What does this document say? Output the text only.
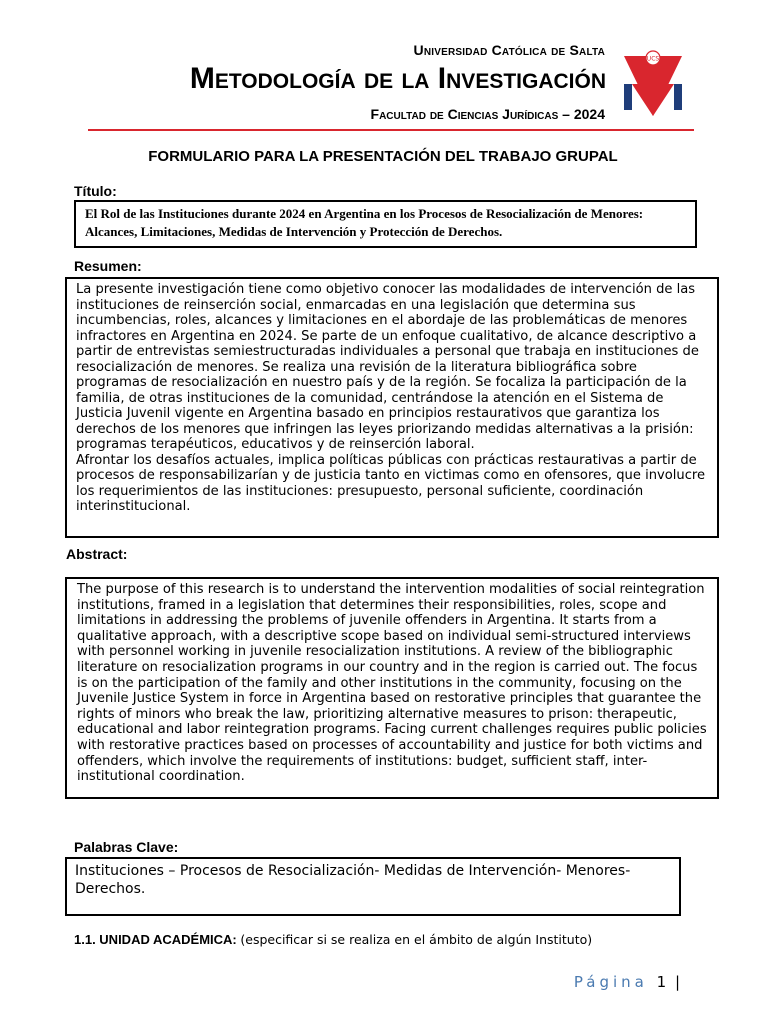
Universidad Católica de Salta
Metodología de la Investigación
Facultad de Ciencias Jurídicas – 2024
UCS
FORMULARIO PARA LA PRESENTACIÓN DEL TRABAJO GRUPAL
Título:
El Rol de las Instituciones durante 2024 en Argentina en los Procesos de Resocialización de Menores: Alcances, Limitaciones, Medidas de Intervención y Protección de Derechos.
Resumen:
La presente investigación tiene como objetivo conocer las modalidades de intervención de las instituciones de reinserción social, enmarcadas en una legislación que determina sus incumbencias, roles, alcances y limitaciones en el abordaje de las problemáticas de menores infractores en Argentina en 2024. Se parte de un enfoque cualitativo, de alcance descriptivo a partir de entrevistas semiestructuradas individuales a personal que trabaja en instituciones de resocialización de menores. Se realiza una revisión de la literatura bibliográfica sobre programas de resocialización en nuestro país y de la región. Se focaliza la participación de la familia, de otras instituciones de la comunidad, centrándose la atención en el Sistema de Justicia Juvenil vigente en Argentina basado en principios restaurativos que garantiza los derechos de los menores que infringen las leyes priorizando medidas alternativas a la prisión: programas terapéuticos, educativos y de reinserción laboral.
Afrontar los desafíos actuales, implica políticas públicas con prácticas restaurativas a partir de procesos de responsabilizarían y de justicia tanto en victimas como en ofensores, que involucre los requerimientos de las instituciones: presupuesto, personal suficiente, coordinación interinstitucional.
Abstract:
The purpose of this research is to understand the intervention modalities of social reintegration institutions, framed in a legislation that determines their responsibilities, roles, scope and limitations in addressing the problems of juvenile offenders in Argentina. It starts from a qualitative approach, with a descriptive scope based on individual semi-structured interviews with personnel working in juvenile resocialization institutions. A review of the bibliographic literature on resocialization programs in our country and in the region is carried out. The focus is on the participation of the family and other institutions in the community, focusing on the Juvenile Justice System in force in Argentina based on restorative principles that guarantee the rights of minors who break the law, prioritizing alternative measures to prison: therapeutic, educational and labor reintegration programs. Facing current challenges requires public policies with restorative practices based on processes of accountability and justice for both victims and offenders, which involve the requirements of institutions: budget, sufficient staff, inter-institutional coordination.
Palabras Clave:
Instituciones – Procesos de Resocialización- Medidas de Intervención- Menores- Derechos.
1.1. UNIDAD ACADÉMICA: (especificar si se realiza en el ámbito de algún Instituto)
Página 1 |
